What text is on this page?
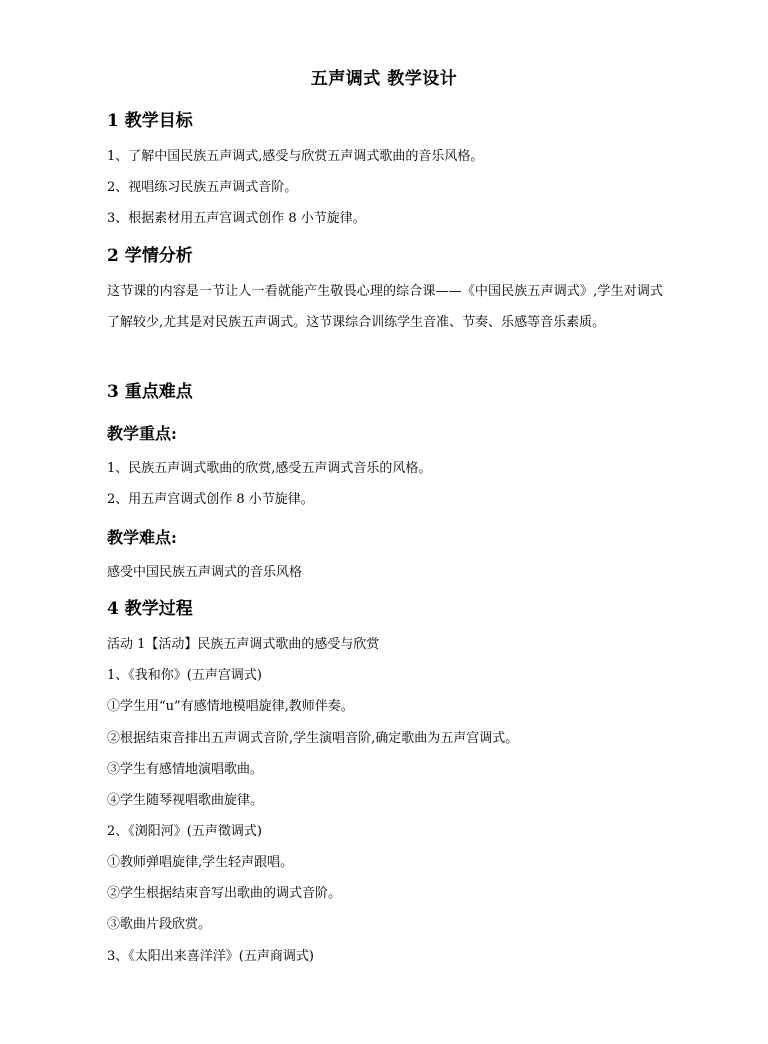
五声调式 教学设计
1 教学目标
1、了解中国民族五声调式,感受与欣赏五声调式歌曲的音乐风格。
2、视唱练习民族五声调式音阶。
3、根据素材用五声宫调式创作 8 小节旋律。
2 学情分析
这节课的内容是一节让人一看就能产生敬畏心理的综合课——《中国民族五声调式》,学生对调式了解较少,尤其是对民族五声调式。这节课综合训练学生音准、节奏、乐感等音乐素质。
3 重点难点
教学重点:
1、民族五声调式歌曲的欣赏,感受五声调式音乐的风格。
2、用五声宫调式创作 8 小节旋律。
教学难点:
感受中国民族五声调式的音乐风格
4 教学过程
活动 1【活动】民族五声调式歌曲的感受与欣赏
1、《我和你》(五声宫调式)
①学生用“u”有感情地模唱旋律,教师伴奏。
②根据结束音排出五声调式音阶,学生演唱音阶,确定歌曲为五声宫调式。
③学生有感情地演唱歌曲。
④学生随琴视唱歌曲旋律。
2、《浏阳河》(五声徵调式)
①教师弹唱旋律,学生轻声跟唱。
②学生根据结束音写出歌曲的调式音阶。
③歌曲片段欣赏。
3、《太阳出来喜洋洋》(五声商调式)
